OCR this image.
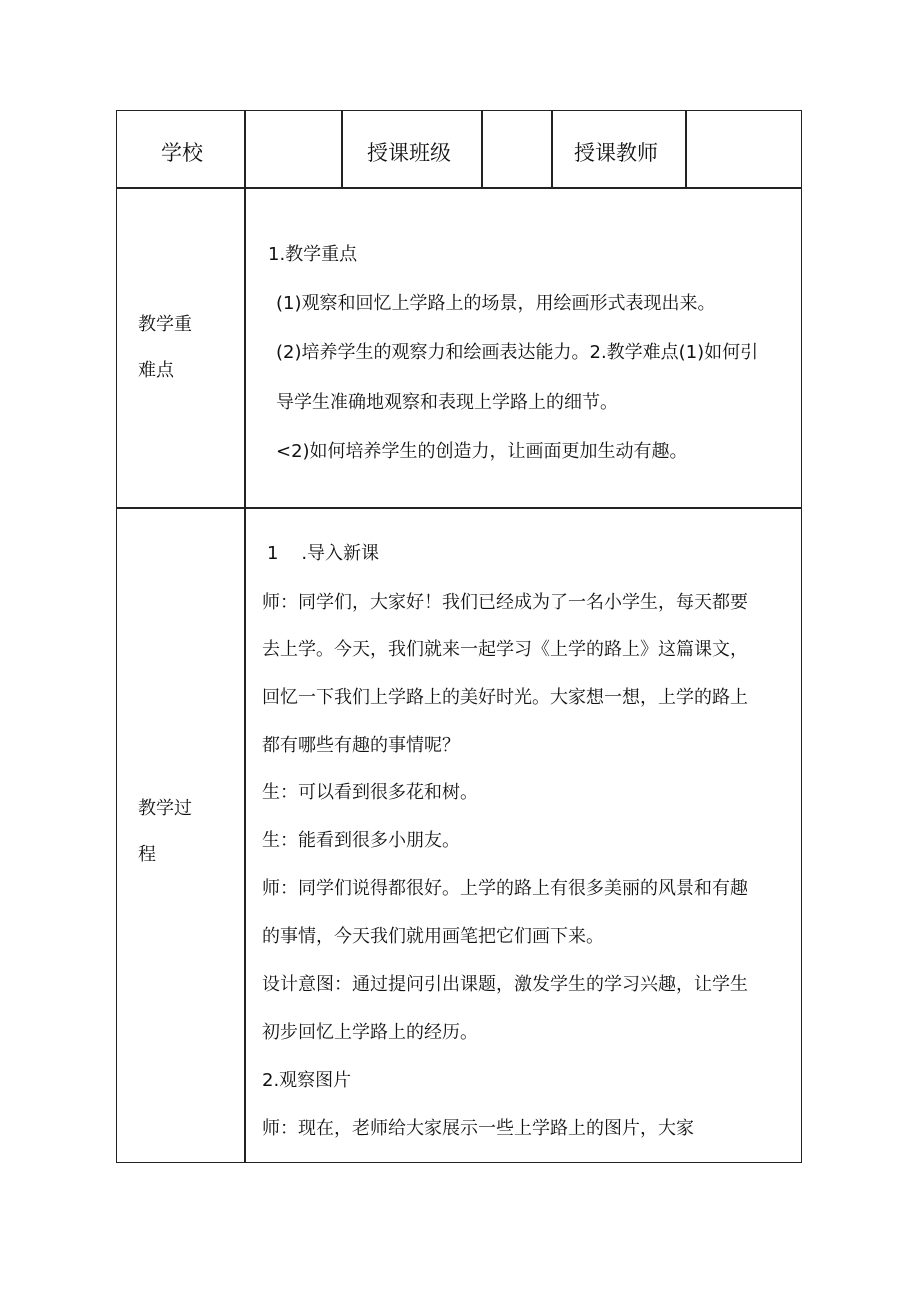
学校	授课班级	授课教师
教学重
难点
1.教学重点
(1)观察和回忆上学路上的场景，用绘画形式表现出来。
(2)培养学生的观察力和绘画表达能力。2.教学难点(1)如何引
导学生准确地观察和表现上学路上的细节。
<2)如何培养学生的创造力，让画面更加生动有趣。
教学过
程
1    .导入新课
师：同学们，大家好！我们已经成为了一名小学生，每天都要
去上学。今天，我们就来一起学习《上学的路上》这篇课文，
回忆一下我们上学路上的美好时光。大家想一想，上学的路上
都有哪些有趣的事情呢？
生：可以看到很多花和树。
生：能看到很多小朋友。
师：同学们说得都很好。上学的路上有很多美丽的风景和有趣
的事情，今天我们就用画笔把它们画下来。
设计意图：通过提问引出课题，激发学生的学习兴趣，让学生
初步回忆上学路上的经历。
2.观察图片
师：现在，老师给大家展示一些上学路上的图片，大家
